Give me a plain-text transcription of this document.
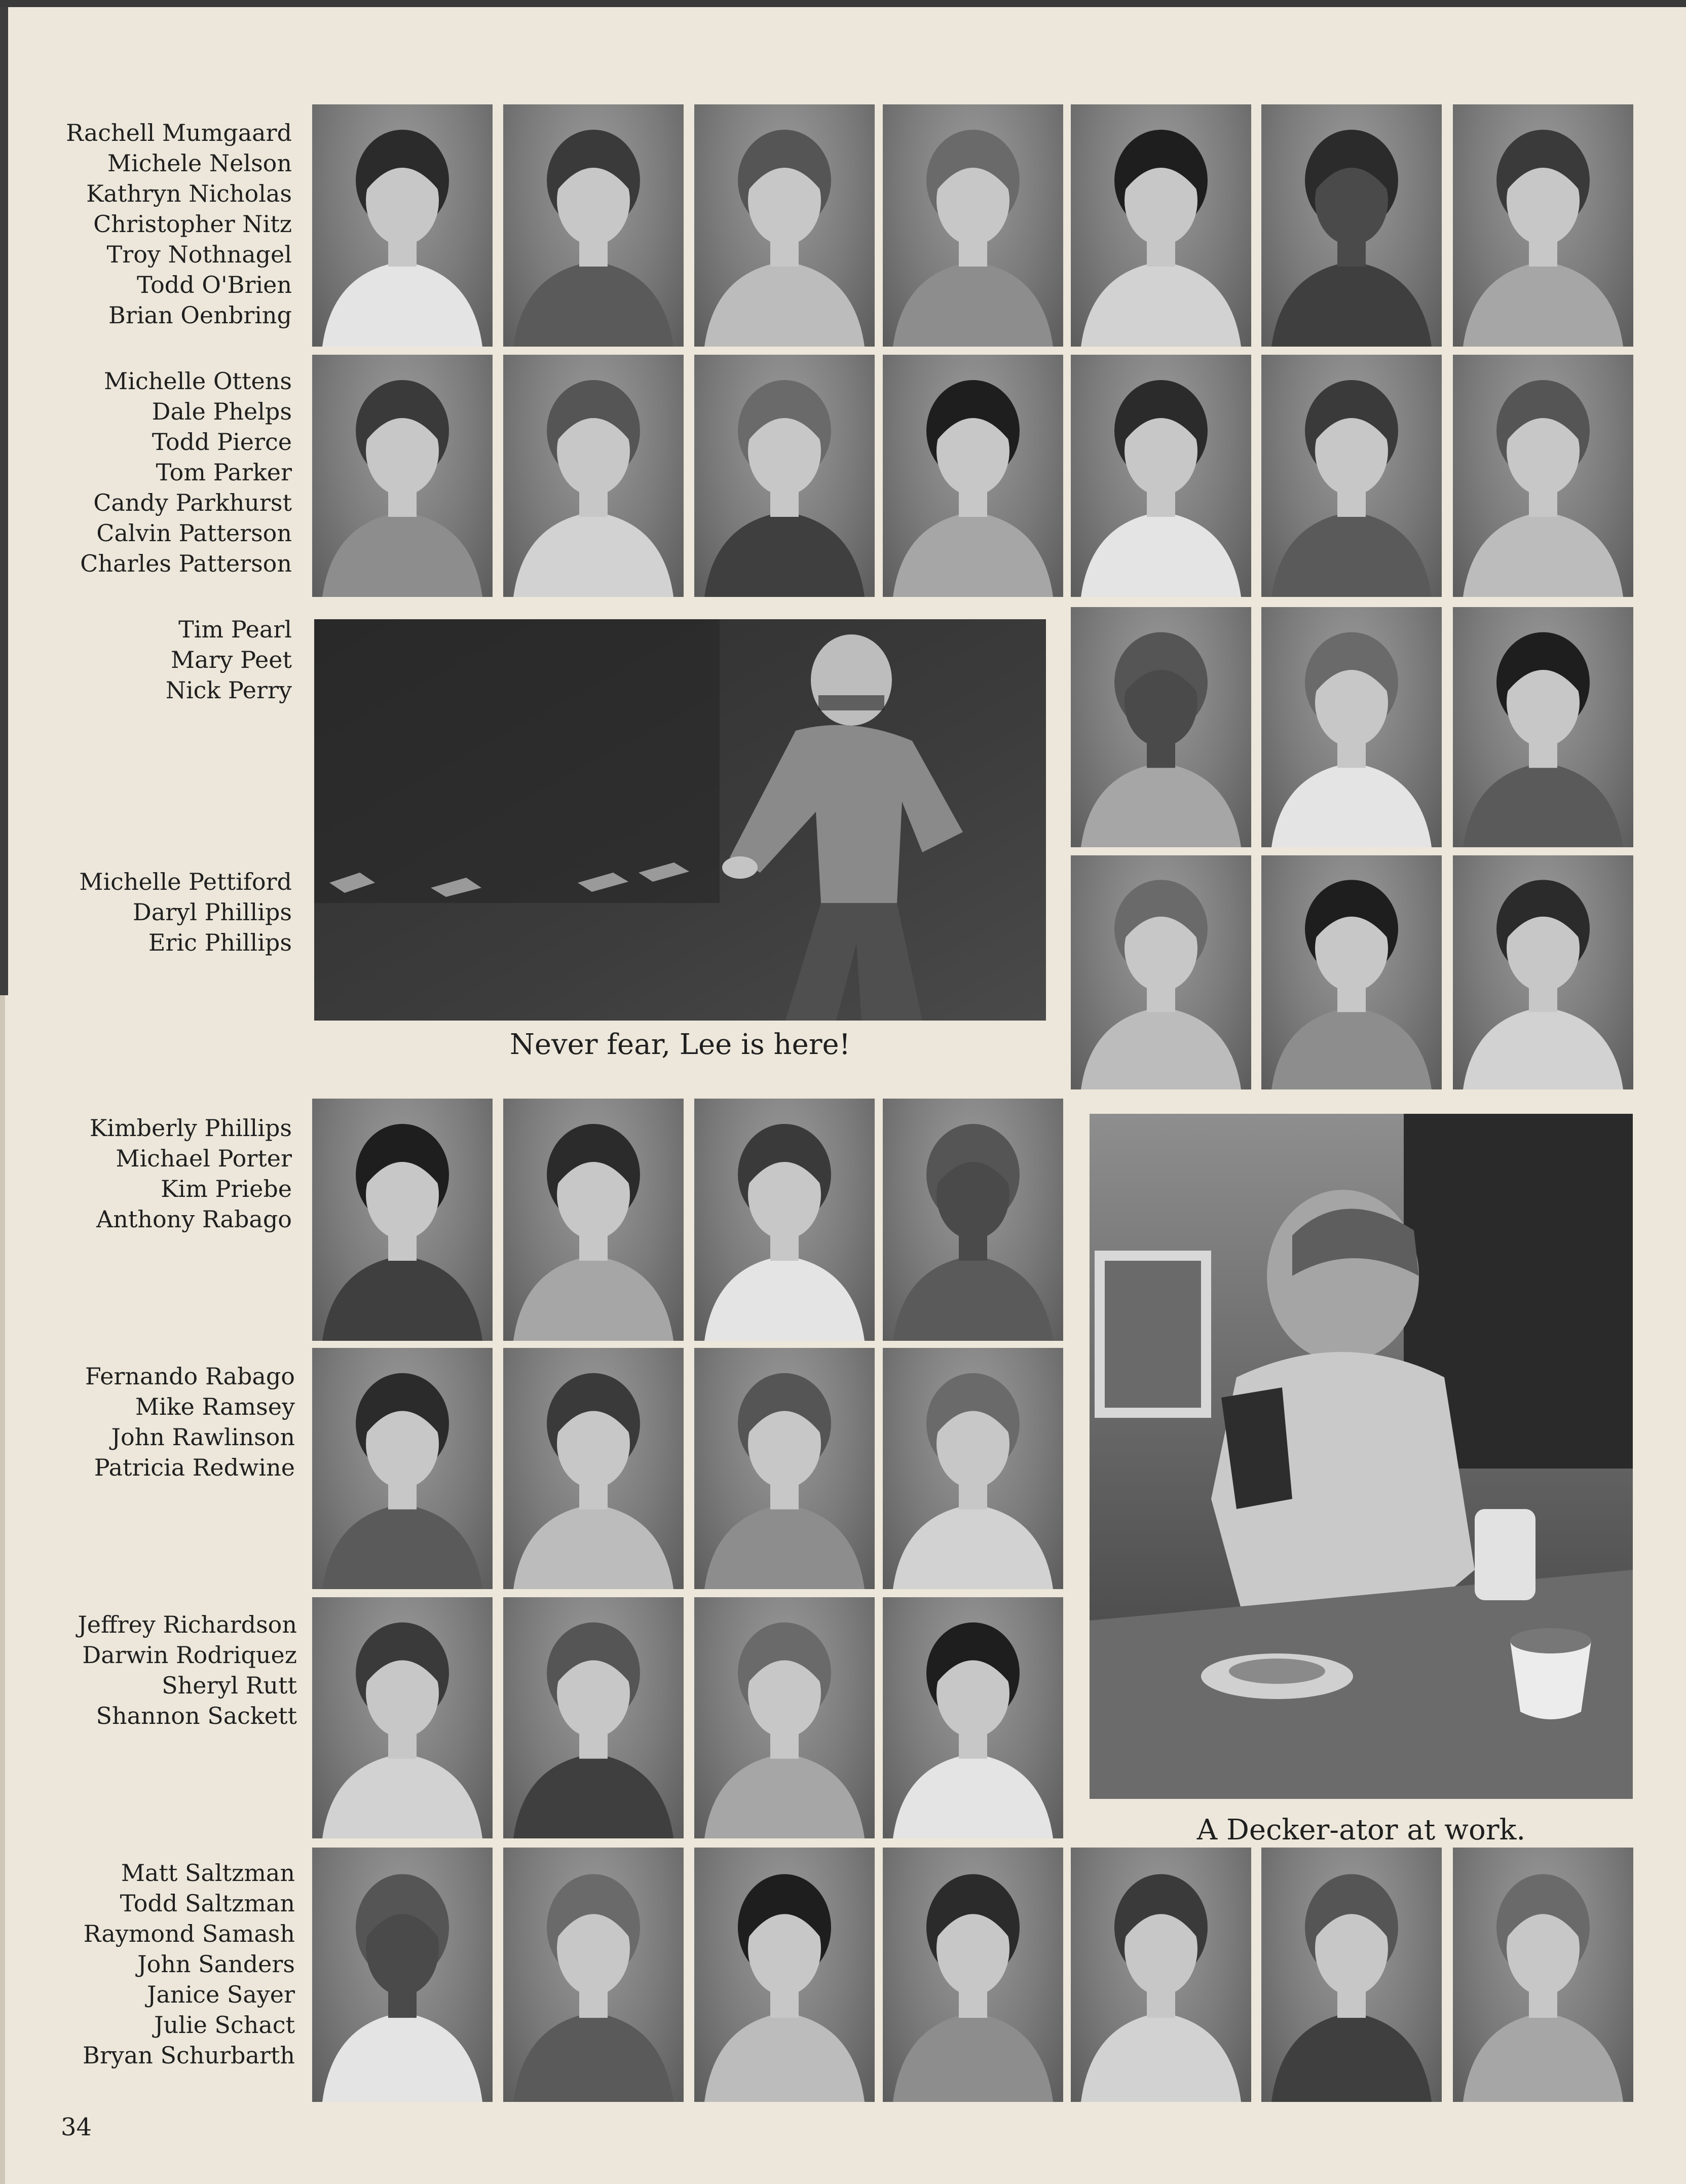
Rachell Mumgaard
Michele Nelson
Kathryn Nicholas
Christopher Nitz
Troy Nothnagel
Todd O'Brien
Brian Oenbring
Michelle Ottens
Dale Phelps
Todd Pierce
Tom Parker
Candy Parkhurst
Calvin Patterson
Charles Patterson
Tim Pearl
Mary Peet
Nick Perry
Michelle Pettiford
Daryl Phillips
Eric Phillips
Kimberly Phillips
Michael Porter
Kim Priebe
Anthony Rabago
Fernando Rabago
Mike Ramsey
John Rawlinson
Patricia Redwine
Jeffrey Richardson
Darwin Rodriquez
Sheryl Rutt
Shannon Sackett
Matt Saltzman
Todd Saltzman
Raymond Samash
John Sanders
Janice Sayer
Julie Schact
Bryan Schurbarth

Never fear, Lee is here!

A Decker-ator at work.

34
